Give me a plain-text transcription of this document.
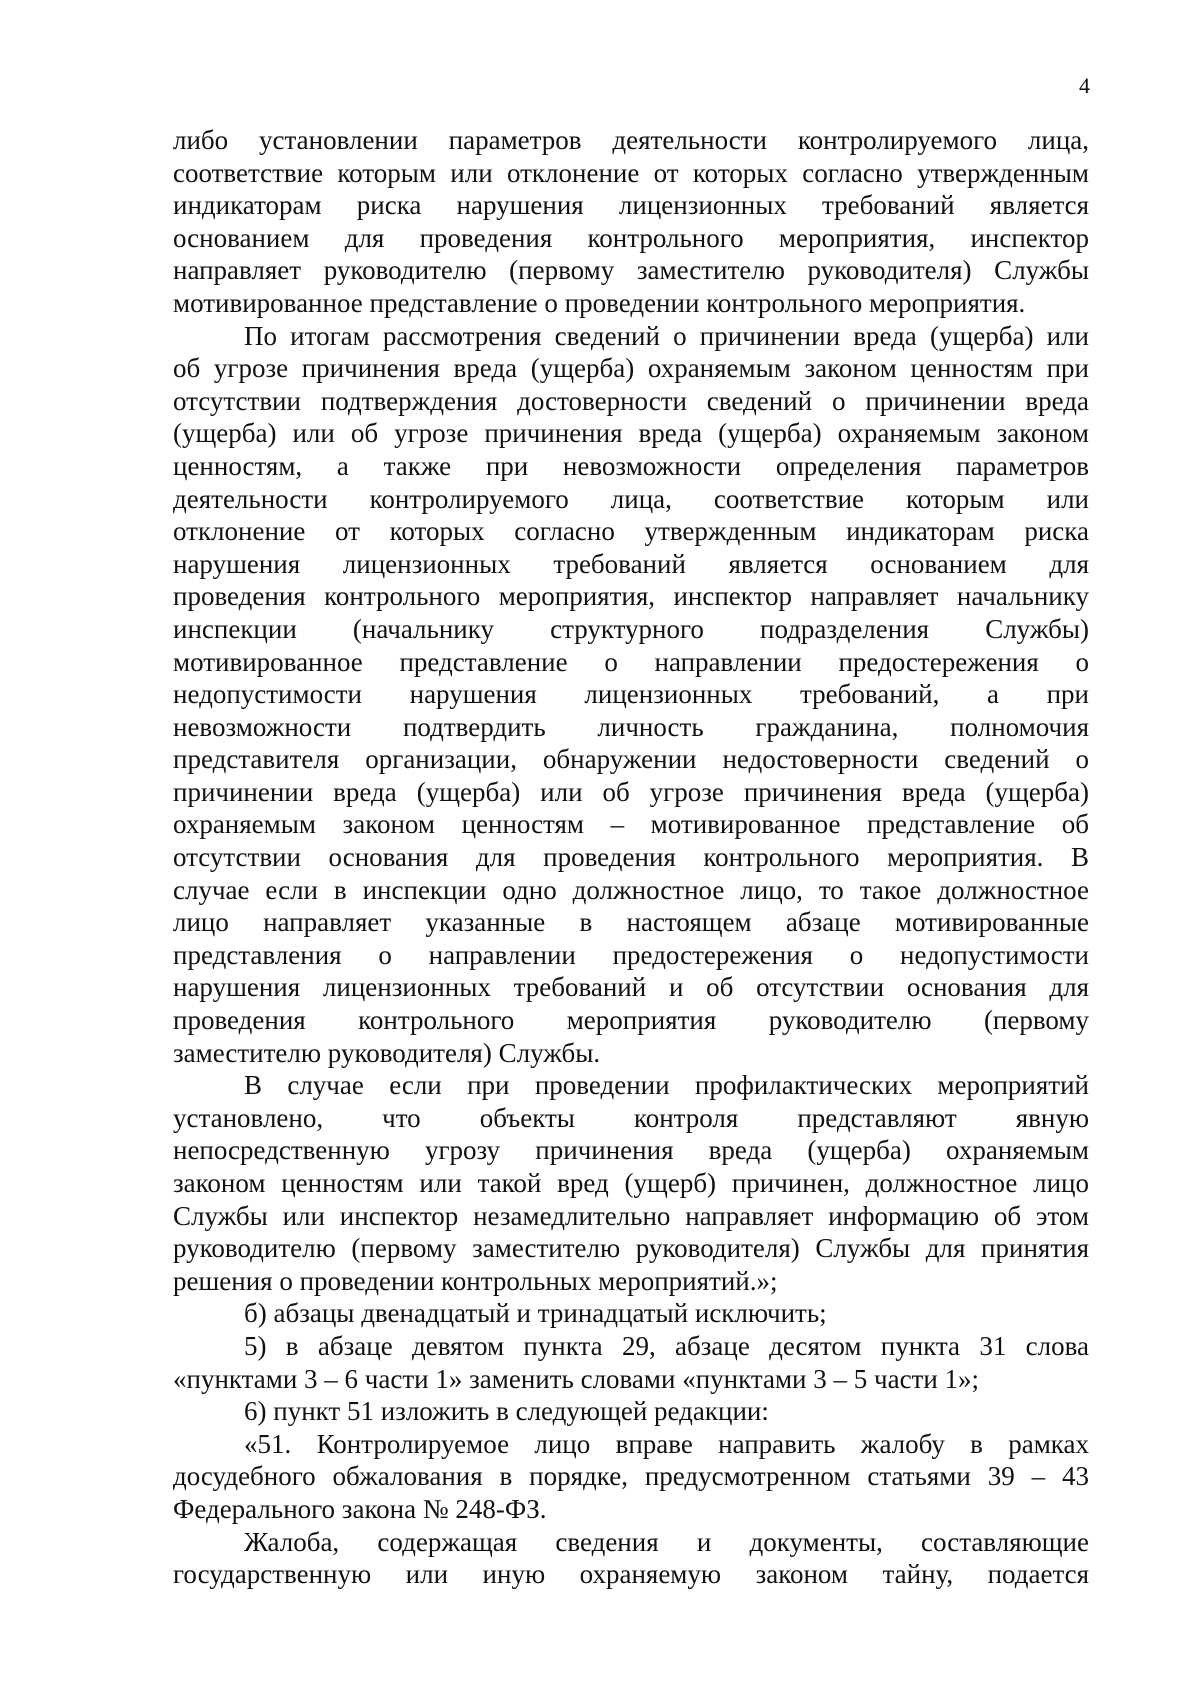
4
либо установлении параметров деятельности контролируемого лица,
соответствие которым или отклонение от которых согласно утвержденным
индикаторам риска нарушения лицензионных требований является
основанием для проведения контрольного мероприятия, инспектор
направляет руководителю (первому заместителю руководителя) Службы
мотивированное представление о проведении контрольного мероприятия.
По итогам рассмотрения сведений о причинении вреда (ущерба) или
об угрозе причинения вреда (ущерба) охраняемым законом ценностям при
отсутствии подтверждения достоверности сведений о причинении вреда
(ущерба) или об угрозе причинения вреда (ущерба) охраняемым законом
ценностям, а также при невозможности определения параметров
деятельности контролируемого лица, соответствие которым или
отклонение от которых согласно утвержденным индикаторам риска
нарушения лицензионных требований является основанием для
проведения контрольного мероприятия, инспектор направляет начальнику
инспекции (начальнику структурного подразделения Службы)
мотивированное представление о направлении предостережения о
недопустимости нарушения лицензионных требований, а при
невозможности подтвердить личность гражданина, полномочия
представителя организации, обнаружении недостоверности сведений о
причинении вреда (ущерба) или об угрозе причинения вреда (ущерба)
охраняемым законом ценностям – мотивированное представление об
отсутствии основания для проведения контрольного мероприятия. В
случае если в инспекции одно должностное лицо, то такое должностное
лицо направляет указанные в настоящем абзаце мотивированные
представления о направлении предостережения о недопустимости
нарушения лицензионных требований и об отсутствии основания для
проведения контрольного мероприятия руководителю (первому
заместителю руководителя) Службы.
В случае если при проведении профилактических мероприятий
установлено, что объекты контроля представляют явную
непосредственную угрозу причинения вреда (ущерба) охраняемым
законом ценностям или такой вред (ущерб) причинен, должностное лицо
Службы или инспектор незамедлительно направляет информацию об этом
руководителю (первому заместителю руководителя) Службы для принятия
решения о проведении контрольных мероприятий.»;
б) абзацы двенадцатый и тринадцатый исключить;
5) в абзаце девятом пункта 29, абзаце десятом пункта 31 слова
«пунктами 3 – 6 части 1» заменить словами «пунктами 3 – 5 части 1»;
6) пункт 51 изложить в следующей редакции:
«51. Контролируемое лицо вправе направить жалобу в рамках
досудебного обжалования в порядке, предусмотренном статьями 39 – 43
Федерального закона № 248-ФЗ.
Жалоба, содержащая сведения и документы, составляющие
государственную или иную охраняемую законом тайну, подается
